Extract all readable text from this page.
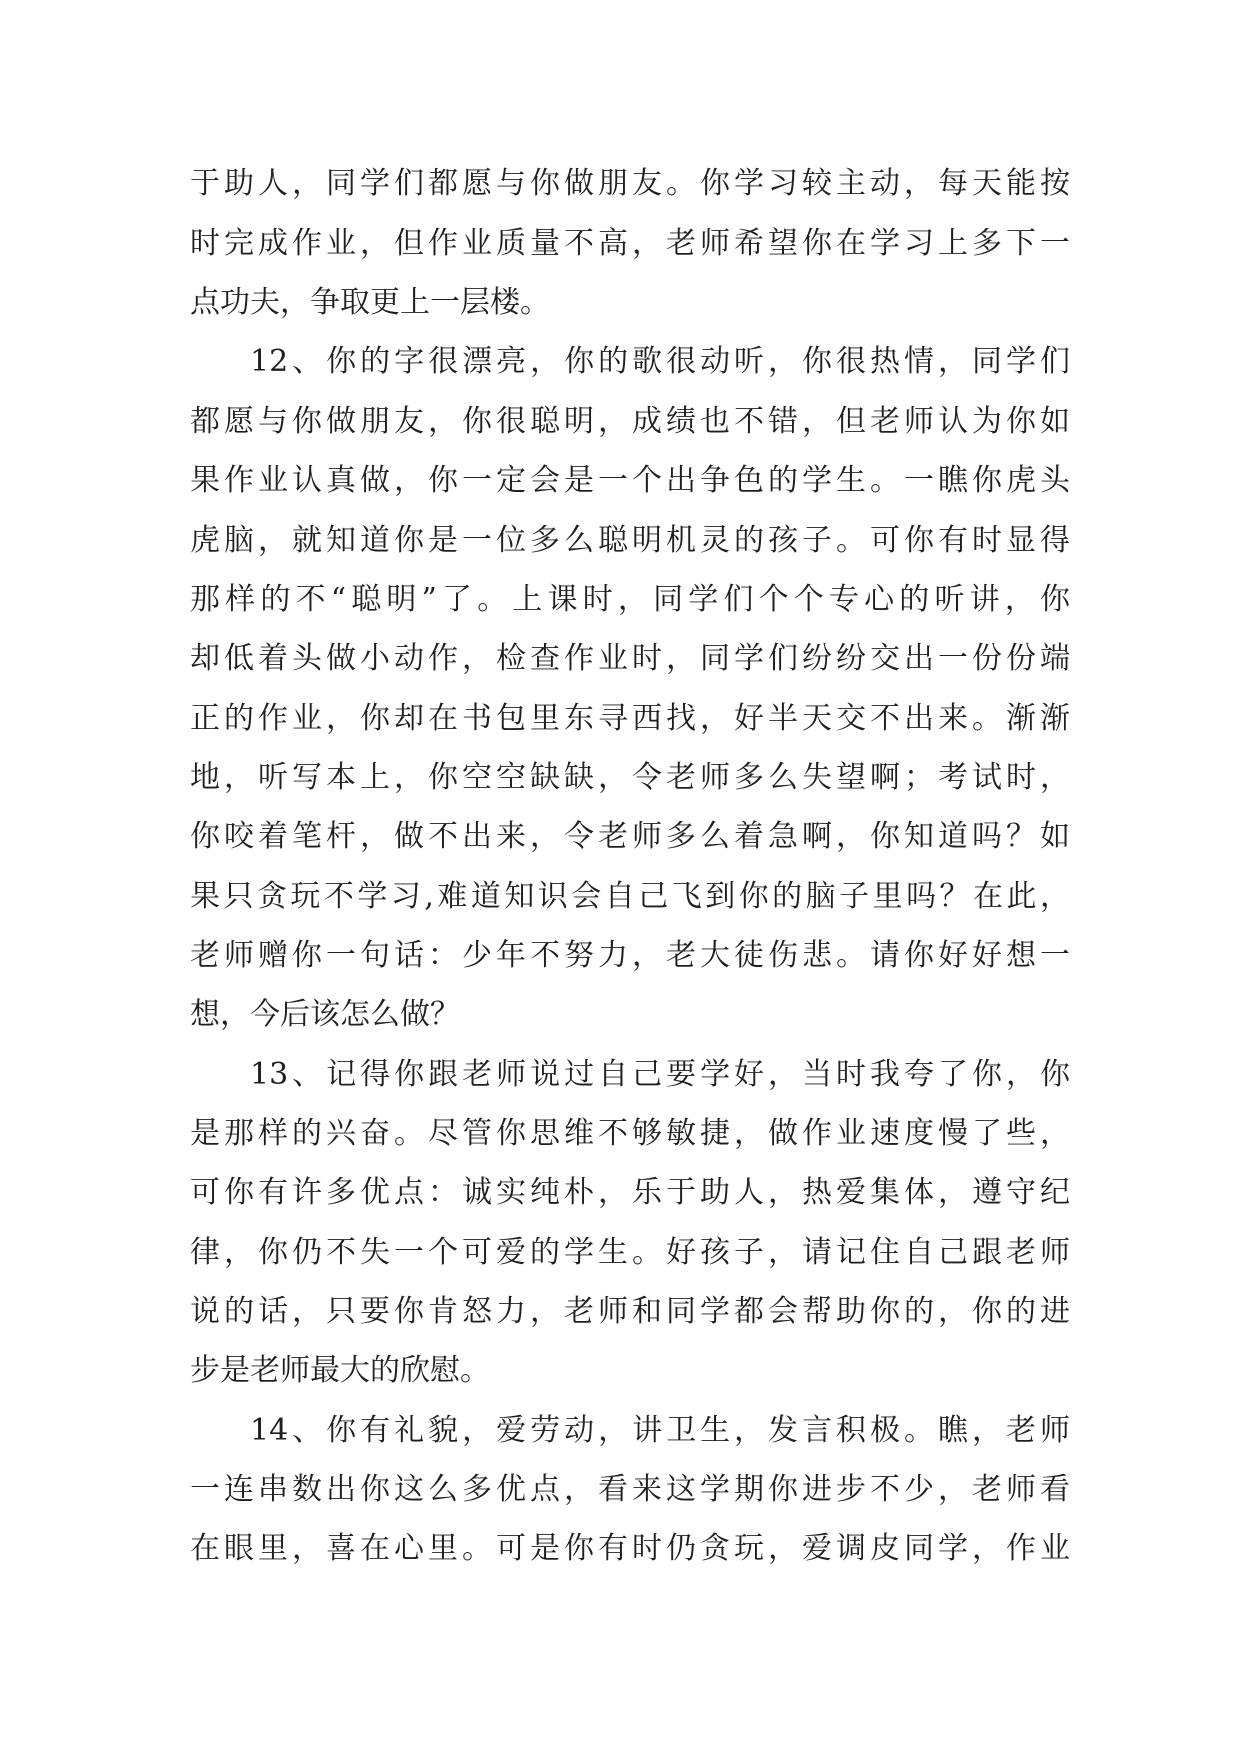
于助人，同学们都愿与你做朋友。你学习较主动，每天能按
时完成作业，但作业质量不高，老师希望你在学习上多下一
点功夫，争取更上一层楼。
12、你的字很漂亮，你的歌很动听，你很热情，同学们
都愿与你做朋友，你很聪明，成绩也不错，但老师认为你如
果作业认真做，你一定会是一个出争色的学生。一瞧你虎头
虎脑，就知道你是一位多么聪明机灵的孩子。可你有时显得
那样的不“聪明”了。上课时，同学们个个专心的听讲，你
却低着头做小动作，检查作业时，同学们纷纷交出一份份端
正的作业，你却在书包里东寻西找，好半天交不出来。渐渐
地，听写本上，你空空缺缺，令老师多么失望啊；考试时，
你咬着笔杆，做不出来，令老师多么着急啊，你知道吗？如
果只贪玩不学习,难道知识会自己飞到你的脑子里吗？在此，
老师赠你一句话：少年不努力，老大徒伤悲。请你好好想一
想，今后该怎么做？
13、记得你跟老师说过自己要学好，当时我夸了你，你
是那样的兴奋。尽管你思维不够敏捷，做作业速度慢了些，
可你有许多优点：诚实纯朴，乐于助人，热爱集体，遵守纪
律，你仍不失一个可爱的学生。好孩子，请记住自己跟老师
说的话，只要你肯怒力，老师和同学都会帮助你的，你的进
步是老师最大的欣慰。
14、你有礼貌，爱劳动，讲卫生，发言积极。瞧，老师
一连串数出你这么多优点，看来这学期你进步不少，老师看
在眼里，喜在心里。可是你有时仍贪玩，爱调皮同学，作业
